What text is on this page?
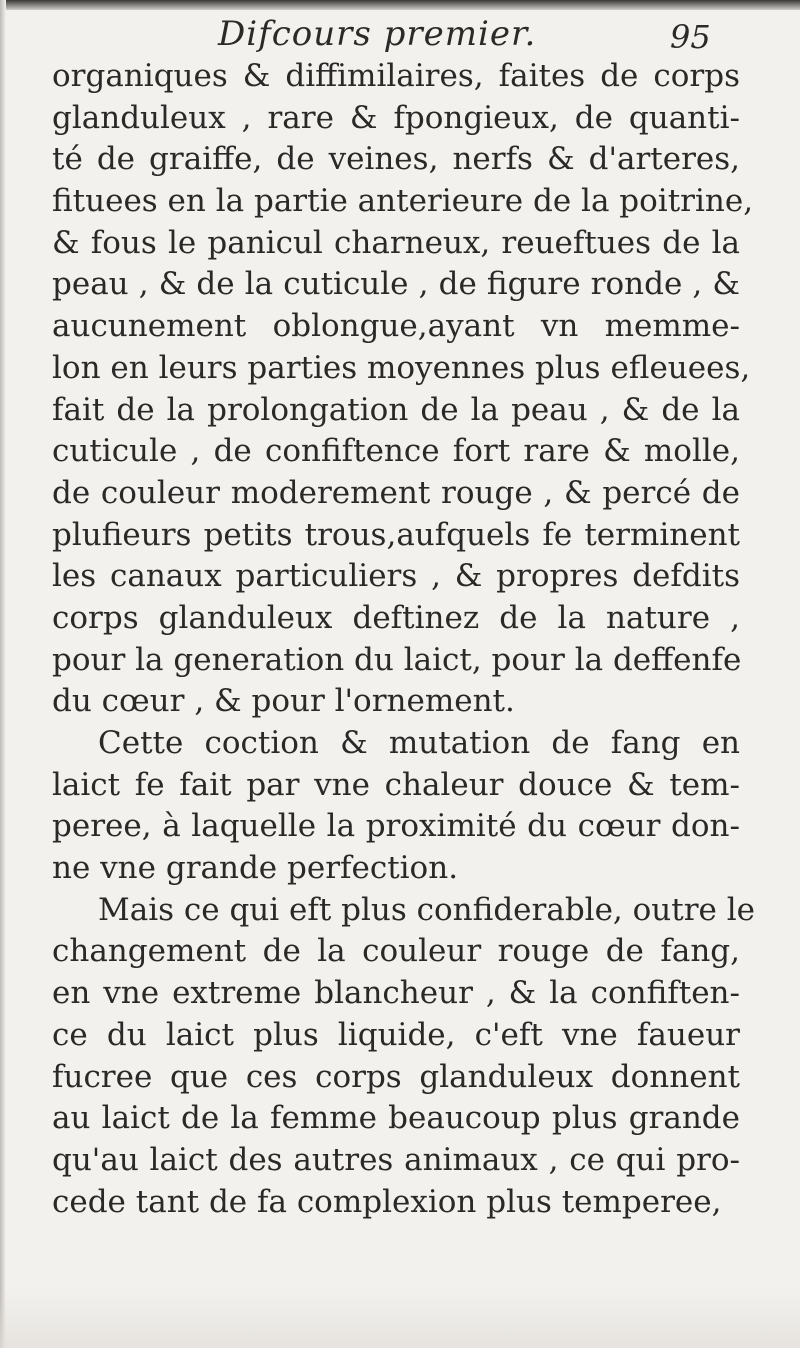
Difcours premier.	95
organiques & diffimilaires, faites de corps
glanduleux , rare & fpongieux, de quanti-
té de graiffe, de veines, nerfs & d'arteres,
fituees en la partie anterieure de la poitrine,
& fous le panicul charneux, reueftues de la
peau , & de la cuticule , de figure ronde , &
aucunement oblongue,ayant vn memme-
lon en leurs parties moyennes plus efleuees,
fait de la prolongation de la peau , & de la
cuticule , de confiftence fort rare & molle,
de couleur moderement rouge , & percé de
plufieurs petits trous,aufquels fe terminent
les canaux particuliers , & propres defdits
corps glanduleux deftinez de la nature ,
pour la generation du laict, pour la deffenfe
du cœur , & pour l'ornement.
Cette coction & mutation de fang en
laict fe fait par vne chaleur douce & tem-
peree, à laquelle la proximité du cœur don-
ne vne grande perfection.
Mais ce qui eft plus confiderable, outre le
changement de la couleur rouge de fang,
en vne extreme blancheur , & la confiften-
ce du laict plus liquide, c'eft vne faueur
fucree que ces corps glanduleux donnent
au laict de la femme beaucoup plus grande
qu'au laict des autres animaux , ce qui pro-
cede tant de fa complexion plus temperee,
